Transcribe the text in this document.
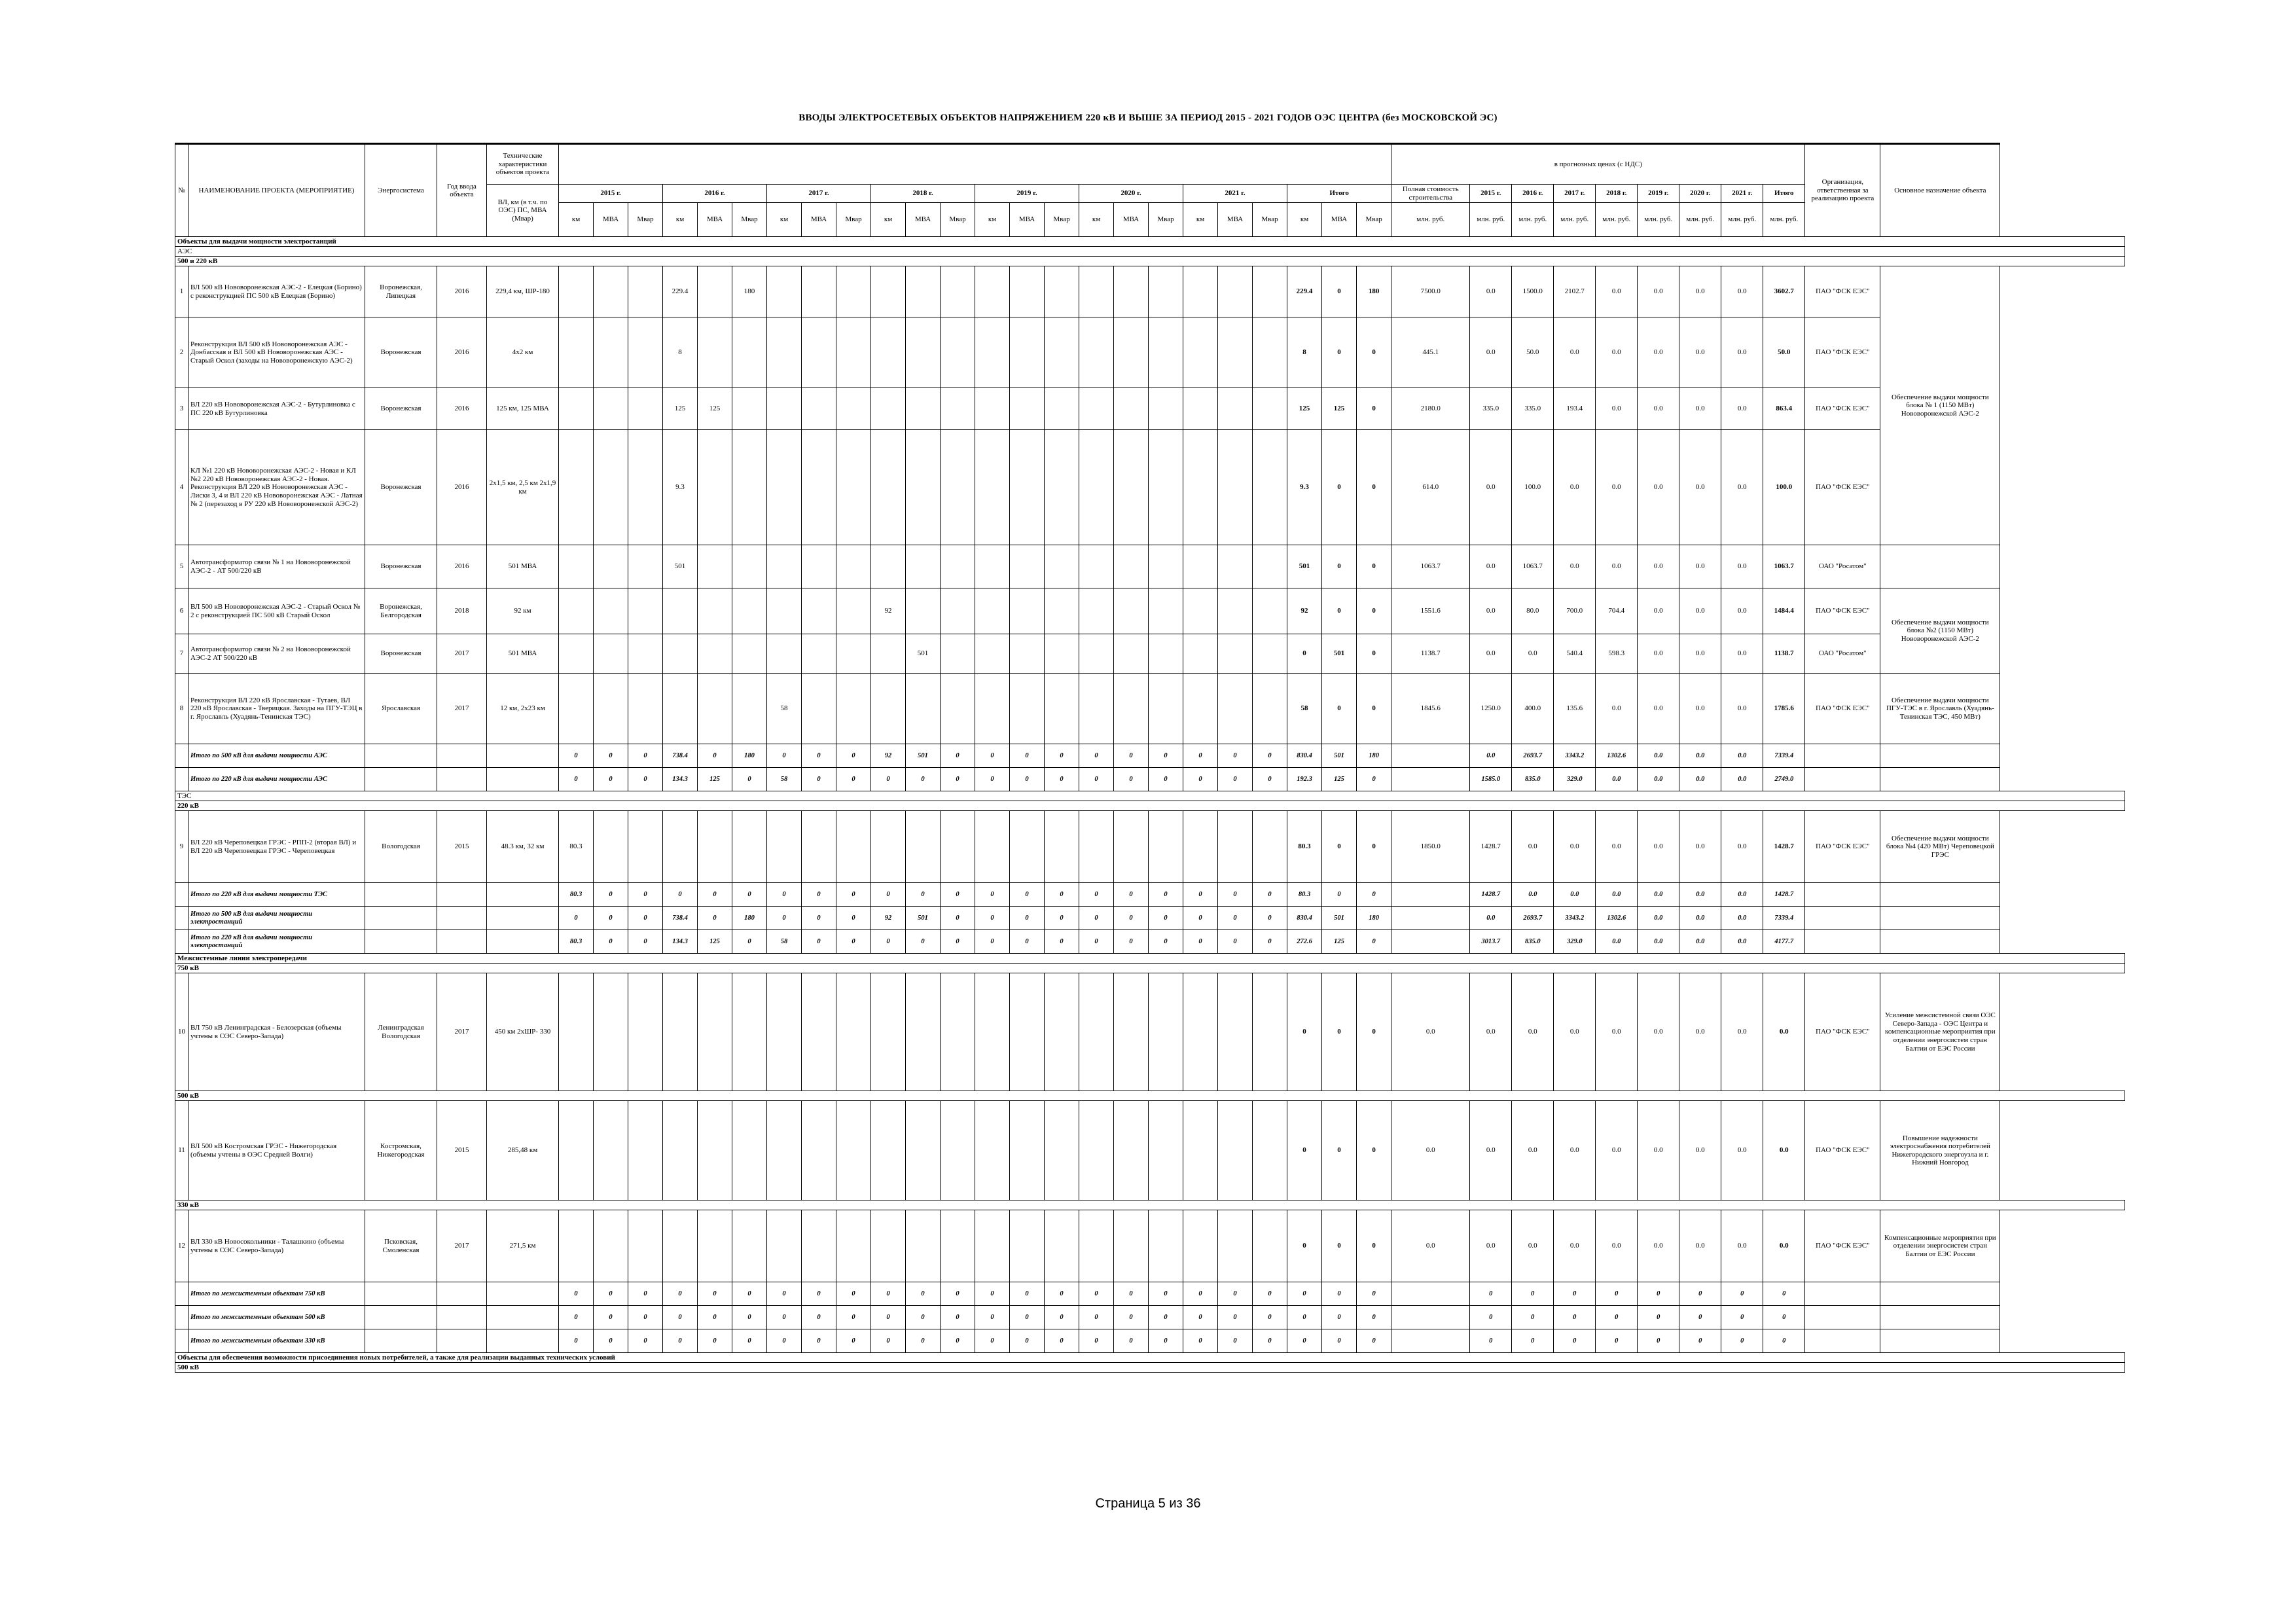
ВВОДЫ ЭЛЕКТРОСЕТЕВЫХ ОБЪЕКТОВ НАПРЯЖЕНИЕМ 220 кВ И ВЫШЕ ЗА ПЕРИОД 2015 - 2021 ГОДОВ ОЭС ЦЕНТРА (без МОСКОВСКОЙ ЭС)
№	НАИМЕНОВАНИЕ ПРОЕКТА (МЕРОПРИЯТИЕ)	Энергосистема	Год ввода объекта	Технические характеристики объектов проекта																									в прогнозных ценах (с НДС)									Организация, ответственная за реализацию проекта	Основное назначение объекта
				ВЛ, км (в т.ч. по ОЭС) ПС, МВА (Мвар)	2015 г.			2016 г.			2017 г.			2018 г.			2019 г.			2020 г.			2021 г.			Итого			Полная стоимость строительства	2015 г.	2016 г.	2017 г.	2018 г.	2019 г.	2020 г.	2021 г.	Итого		
					км	МВА	Мвар	км	МВА	Мвар	км	МВА	Мвар	км	МВА	Мвар	км	МВА	Мвар	км	МВА	Мвар	км	МВА	Мвар	км	МВА	Мвар	млн. руб.	млн. руб.	млн. руб.	млн. руб.	млн. руб.	млн. руб.	млн. руб.	млн. руб.	млн. руб.		
Объекты для выдачи мощности электростанций																																							
АЭС																																							
500 и 220 кВ																																							
1	ВЛ 500 кВ Нововоронежская АЭС-2 - Елецкая (Борино) с реконструкцией ПС 500 кВ Елецкая (Борино)	Воронежская, Липецкая	2016	229,4 км, ШР-180				229.4		180																229.4	0	180	7500.0	0.0	1500.0	2102.7	0.0	0.0	0.0	0.0	3602.7	ПАО "ФСК ЕЭС"	Обеспечение выдачи мощности блока № 1 (1150 МВт) Нововоронежской АЭС-2
2	Реконструкция ВЛ 500 кВ Нововоронежская АЭС - Донбасская и ВЛ 500 кВ Нововоронежская АЭС - Старый Оскол (заходы на Нововоронежскую АЭС-2)	Воронежская	2016	4х2 км				8																		8	0	0	445.1	0.0	50.0	0.0	0.0	0.0	0.0	0.0	50.0	ПАО "ФСК ЕЭС"	
3	ВЛ 220 кВ Нововоронежская АЭС-2 - Бутурлиновка с ПС 220 кВ Бутурлиновка	Воронежская	2016	125 км, 125 МВА				125	125																	125	125	0	2180.0	335.0	335.0	193.4	0.0	0.0	0.0	0.0	863.4	ПАО "ФСК ЕЭС"	
4	КЛ №1 220 кВ Нововоронежская АЭС-2 - Новая и КЛ №2 220 кВ Нововоронежская АЭС-2 - Новая. Реконструкция ВЛ 220 кВ Нововоронежская АЭС - Лиски 3, 4 и ВЛ 220 кВ Нововоронежская АЭС - Латная № 2 (перезаход в РУ 220 кВ Нововоронежской АЭС-2)	Воронежская	2016	2х1,5 км, 2,5 км 2х1,9 км				9.3																		9.3	0	0	614.0	0.0	100.0	0.0	0.0	0.0	0.0	0.0	100.0	ПАО "ФСК ЕЭС"	
5	Автотрансформатор связи № 1 на Нововоронежской АЭС-2 - АТ 500/220 кВ	Воронежская	2016	501 МВА				501																		501	0	0	1063.7	0.0	1063.7	0.0	0.0	0.0	0.0	0.0	1063.7	ОАО "Росатом"	
6	ВЛ 500 кВ Нововоронежская АЭС-2 - Старый Оскол № 2 с реконструкцией ПС 500 кВ Старый Оскол	Воронежская, Белгородская	2018	92 км										92												92	0	0	1551.6	0.0	80.0	700.0	704.4	0.0	0.0	0.0	1484.4	ПАО "ФСК ЕЭС"	Обеспечение выдачи мощности блока №2 (1150 МВт) Нововоронежской АЭС-2
7	Автотрансформатор связи № 2 на Нововоронежской АЭС-2 АТ 500/220 кВ	Воронежская	2017	501 МВА											501											0	501	0	1138.7	0.0	0.0	540.4	598.3	0.0	0.0	0.0	1138.7	ОАО "Росатом"	
8	Реконструкция ВЛ 220 кВ Ярославская - Тутаев, ВЛ 220 кВ Ярославская - Тверицкая. Заходы на ПГУ-ТЭЦ в г. Ярославль (Хуадянь-Тенинская ТЭС)	Ярославская	2017	12 км, 2х23 км							58															58	0	0	1845.6	1250.0	400.0	135.6	0.0	0.0	0.0	0.0	1785.6	ПАО "ФСК ЕЭС"	Обеспечение выдачи мощности ПГУ-ТЭС в г. Ярославль (Хуадянь-Тенинская ТЭС, 450 МВт)
	Итого по 500 кВ для выдачи мощности АЭС				0	0	0	738.4	0	180	0	0	0	92	501	0	0	0	0	0	0	0	0	0	0	830.4	501	180		0.0	2693.7	3343.2	1302.6	0.0	0.0	0.0	7339.4		
	Итого по 220 кВ для выдачи мощности АЭС				0	0	0	134.3	125	0	58	0	0	0	0	0	0	0	0	0	0	0	0	0	0	192.3	125	0		1585.0	835.0	329.0	0.0	0.0	0.0	0.0	2749.0		
ТЭС																																							
220 кВ																																							
9	ВЛ 220 кВ Череповецкая ГРЭС - РПП-2 (вторая ВЛ) и ВЛ 220 кВ Череповецкая ГРЭС - Череповецкая	Вологодская	2015	48.3 км, 32 км	80.3																					80.3	0	0	1850.0	1428.7	0.0	0.0	0.0	0.0	0.0	0.0	1428.7	ПАО "ФСК ЕЭС"	Обеспечение выдачи мощности блока №4 (420 МВт) Череповецкой ГРЭС
	Итого по 220 кВ для выдачи мощности ТЭС				80.3	0	0	0	0	0	0	0	0	0	0	0	0	0	0	0	0	0	0	0	0	80.3	0	0		1428.7	0.0	0.0	0.0	0.0	0.0	0.0	1428.7		
	Итого по 500 кВ для выдачи мощности электростанций				0	0	0	738.4	0	180	0	0	0	92	501	0	0	0	0	0	0	0	0	0	0	830.4	501	180		0.0	2693.7	3343.2	1302.6	0.0	0.0	0.0	7339.4		
	Итого по 220 кВ для выдачи мощности электростанций				80.3	0	0	134.3	125	0	58	0	0	0	0	0	0	0	0	0	0	0	0	0	0	272.6	125	0		3013.7	835.0	329.0	0.0	0.0	0.0	0.0	4177.7		
Межсистемные линии электропередачи																																							
750 кВ																																							
10	ВЛ 750 кВ Ленинградская - Белозерская (объемы учтены в ОЭС Северо-Запада)	Ленинградская Вологодская	2017	450 км 2хШР- 330																						0	0	0	0.0	0.0	0.0	0.0	0.0	0.0	0.0	0.0	0.0	ПАО "ФСК ЕЭС"	Усиление межсистемной связи ОЭС Северо-Запада - ОЭС Центра и компенсационные мероприятия при отделении энергосистем стран Балтии от ЕЭС России
500 кВ																																							
11	ВЛ 500 кВ Костромская ГРЭС - Нижегородская (объемы учтены в ОЭС Средней Волги)	Костромская, Нижегородская	2015	285,48 км																						0	0	0	0.0	0.0	0.0	0.0	0.0	0.0	0.0	0.0	0.0	ПАО "ФСК ЕЭС"	Повышение надежности электроснабжения потребителей Нижегородского энергоузла и г. Нижний Новгород
330 кВ																																							
12	ВЛ 330 кВ Новосокольники - Талашкино (объемы учтены в ОЭС Северо-Запада)	Псковская, Смоленская	2017	271,5 км																						0	0	0	0.0	0.0	0.0	0.0	0.0	0.0	0.0	0.0	0.0	ПАО "ФСК ЕЭС"	Компенсационные мероприятия при отделении энергосистем стран Балтии от ЕЭС России
	Итого по межсистемным объектам 750 кВ				0	0	0	0	0	0	0	0	0	0	0	0	0	0	0	0	0	0	0	0	0	0	0	0		0	0	0	0	0	0	0	0		
	Итого по межсистемным объектам 500 кВ				0	0	0	0	0	0	0	0	0	0	0	0	0	0	0	0	0	0	0	0	0	0	0	0		0	0	0	0	0	0	0	0		
	Итого по межсистемным объектам 330 кВ				0	0	0	0	0	0	0	0	0	0	0	0	0	0	0	0	0	0	0	0	0	0	0	0		0	0	0	0	0	0	0	0		
Объекты для обеспечения возможности присоединения новых потребителей, а также для реализации выданных технических условий																																							
500 кВ																																							
Страница 5 из 36
